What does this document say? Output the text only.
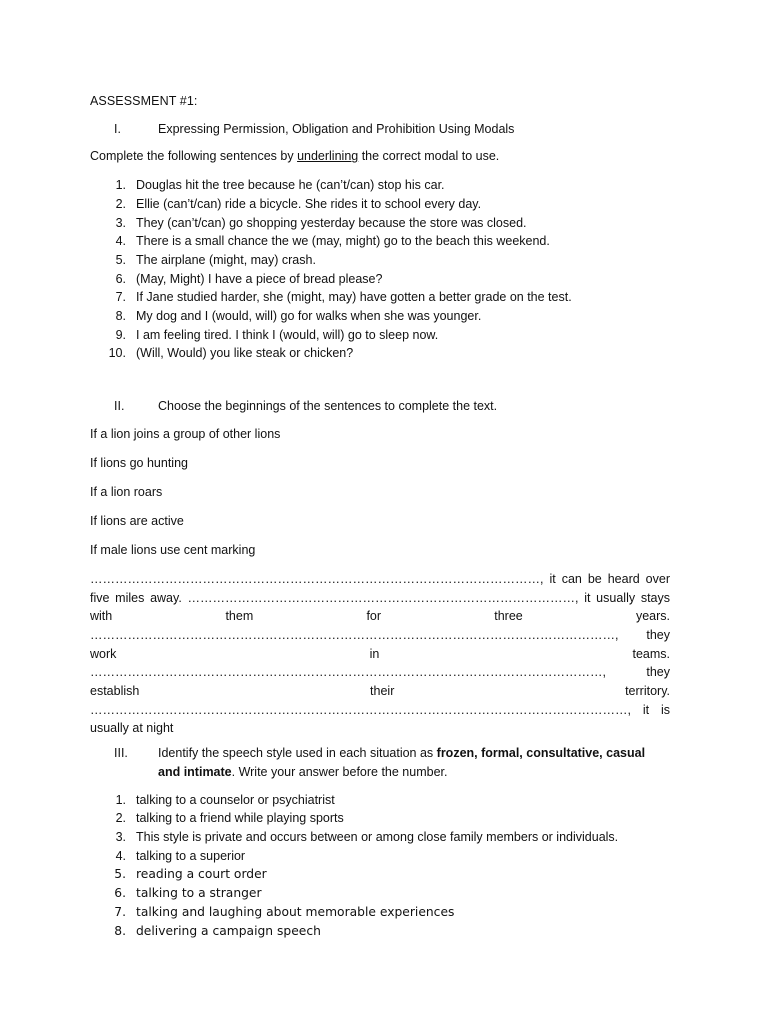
ASSESSMENT #1:

I.	Expressing Permission, Obligation and Prohibition Using Modals

Complete the following sentences by underlining the correct modal to use.

1. Douglas hit the tree because he (can’t/can) stop his car.
2. Ellie (can’t/can) ride a bicycle. She rides it to school every day.
3. They (can’t/can) go shopping yesterday because the store was closed.
4. There is a small chance the we (may, might) go to the beach this weekend.
5. The airplane (might, may) crash.
6. (May, Might) I have a piece of bread please?
7. If Jane studied harder, she (might, may) have gotten a better grade on the test.
8. My dog and I (would, will) go for walks when she was younger.
9. I am feeling tired. I think I (would, will) go to sleep now.
10. (Will, Would) you like steak or chicken?
II.	Choose the beginnings of the sentences to complete the text.

If a lion joins a group of other lions

If lions go hunting

If a lion roars

If lions are active

If male lions use cent marking

………………………………………………………………………………………………, it can be heard over five miles away. …………………………………………………………………………………, it usually stays with them for three years. ………………………………………………………………………………………………………………, they work in teams. ……………………………………………………………………………………………………………, they establish their territory. …………………………………………………………………………………………………………………, it is usually at night

III.	Identify the speech style used in each situation as frozen, formal, consultative, casual and intimate. Write your answer before the number.
1. talking to a counselor or psychiatrist
2. talking to a friend while playing sports
3. This style is private and occurs between or among close family members or individuals.
4. talking to a superior
5. reading a court order
6. talking to a stranger
7. talking and laughing about memorable experiences
8. delivering a campaign speech
